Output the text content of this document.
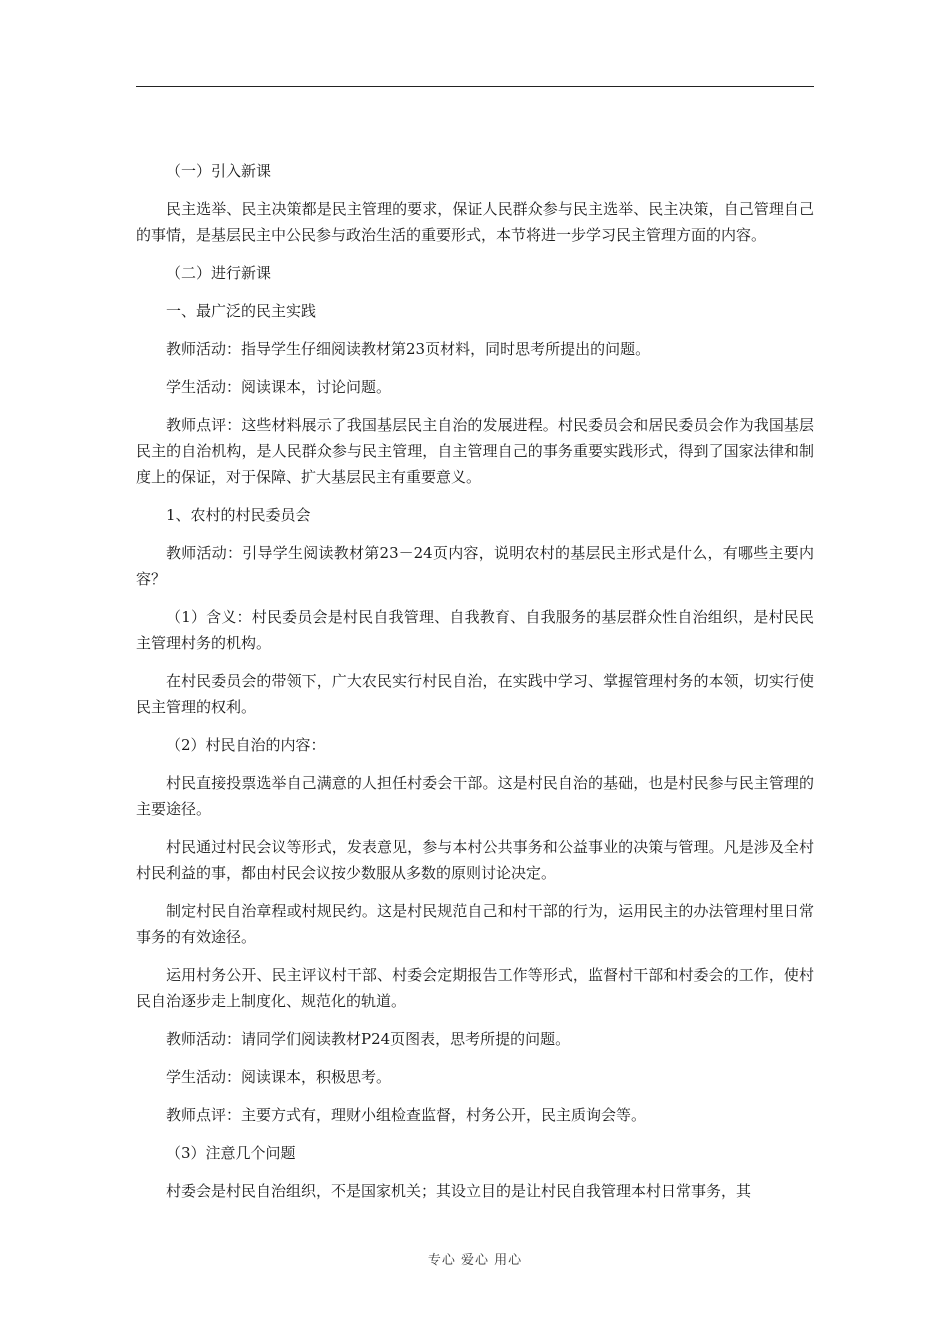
（一）引入新课

民主选举、民主决策都是民主管理的要求，保证人民群众参与民主选举、民主决策，自己管理自己的事情，是基层民主中公民参与政治生活的重要形式，本节将进一步学习民主管理方面的内容。

（二）进行新课

一、最广泛的民主实践

教师活动：指导学生仔细阅读教材第23页材料，同时思考所提出的问题。

学生活动：阅读课本，讨论问题。

教师点评：这些材料展示了我国基层民主自治的发展进程。村民委员会和居民委员会作为我国基层民主的自治机构，是人民群众参与民主管理，自主管理自己的事务重要实践形式，得到了国家法律和制度上的保证，对于保障、扩大基层民主有重要意义。

1、农村的村民委员会

教师活动：引导学生阅读教材第23－24页内容，说明农村的基层民主形式是什么，有哪些主要内容？

（1）含义：村民委员会是村民自我管理、自我教育、自我服务的基层群众性自治组织，是村民民主管理村务的机构。

在村民委员会的带领下，广大农民实行村民自治，在实践中学习、掌握管理村务的本领，切实行使民主管理的权利。

（2）村民自治的内容：

村民直接投票选举自己满意的人担任村委会干部。这是村民自治的基础，也是村民参与民主管理的主要途径。

村民通过村民会议等形式，发表意见，参与本村公共事务和公益事业的决策与管理。凡是涉及全村村民利益的事，都由村民会议按少数服从多数的原则讨论决定。

制定村民自治章程或村规民约。这是村民规范自己和村干部的行为，运用民主的办法管理村里日常事务的有效途径。

运用村务公开、民主评议村干部、村委会定期报告工作等形式，监督村干部和村委会的工作，使村民自治逐步走上制度化、规范化的轨道。

教师活动：请同学们阅读教材P24页图表，思考所提的问题。

学生活动：阅读课本，积极思考。

教师点评：主要方式有，理财小组检查监督，村务公开，民主质询会等。

（3）注意几个问题

村委会是村民自治组织，不是国家机关；其设立目的是让村民自我管理本村日常事务，其

专心 爱心 用心
